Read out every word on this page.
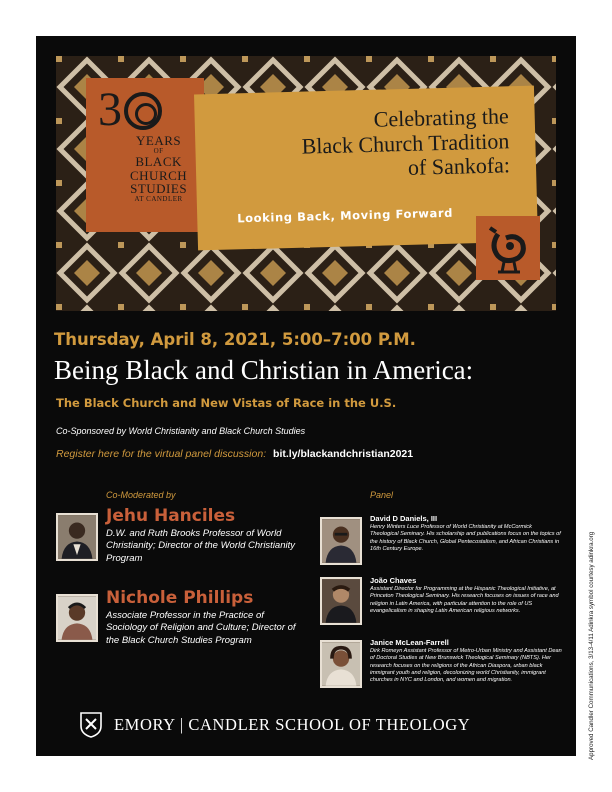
3
YEARS
OF
BLACK
CHURCH
STUDIES
AT CANDLER
Celebrating the
Black Church Tradition
of Sankofa:
Looking Back, Moving Forward
Thursday, April 8, 2021, 5:00–7:00 P.M.
Being Black and Christian in America:
The Black Church and New Vistas of Race in the U.S.
Co-Sponsored by World Christianity and Black Church Studies
Register here for the virtual panel discussion: bit.ly/blackandchristian2021
Co-Moderated by	Panel
Jehu Hanciles
D.W. and Ruth Brooks Professor of World Christianity; Director of the World Christianity Program
Nichole Phillips
Associate Professor in the Practice of Sociology of Religion and Culture; Director of the Black Church Studies Program
David D Daniels, III
Henry Winters Luce Professor of World Christianity at McCormick Theological Seminary. His scholarship and publications focus on the topics of the history of Black Church, Global Pentecostalism, and African Christians in 16th Century Europe.
João Chaves
Assistant Director for Programming at the Hispanic Theological Initiative, at Princeton Theological Seminary. His research focuses on issues of race and religion in Latin America, with particular attention to the role of US evangelicalism in shaping Latin American religious networks.
Janice McLean-Farrell
Dirk Romeyn Assistant Professor of Metro-Urban Ministry and Assistant Dean of Doctoral Studies at New Brunswick Theological Seminary (NBTS). Her research focuses on the religions of the African Diaspora, urban black immigrant youth and religion, decolonizing world Christianity, immigrant churches in NYC and London, and women and migration.
EMORY | CANDLER SCHOOL OF THEOLOGY	Approved Candler Communications, 3/13-4/11 Adinkra symbol courtesy adinkra.org
